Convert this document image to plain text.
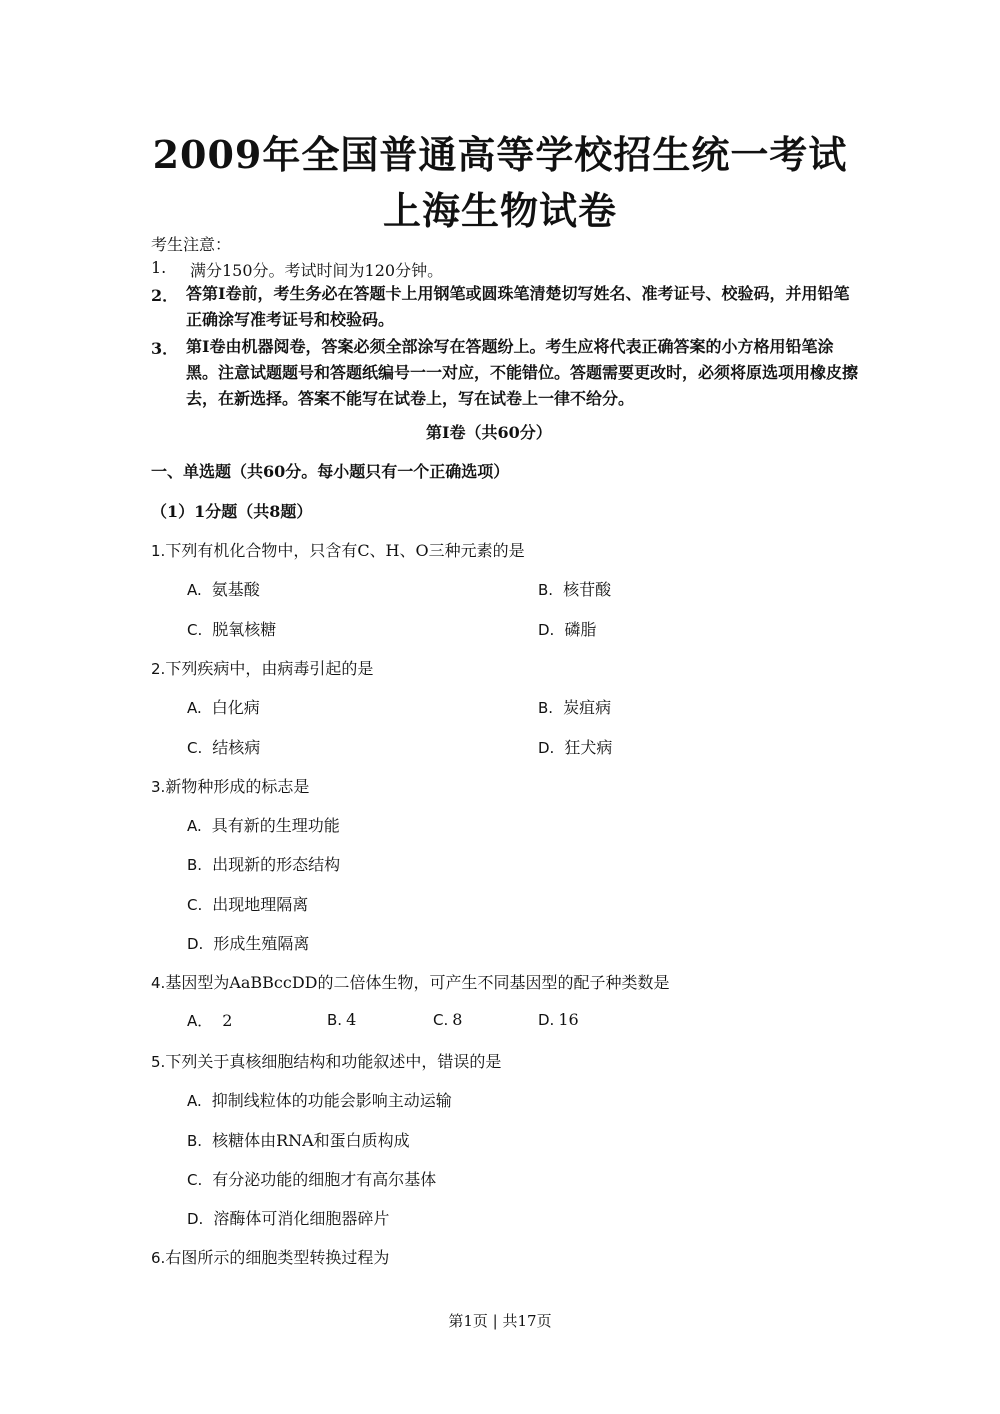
2009年全国普通高等学校招生统一考试
上海生物试卷
考生注意：
1. 满分150分。考试时间为120分钟。
2． 答第Ⅰ卷前，考生务必在答题卡上用钢笔或圆珠笔清楚切写姓名、准考证号、校验码，并用铅笔正确涂写准考证号和校验码。
3． 第Ⅰ卷由机器阅卷，答案必须全部涂写在答题纷上。考生应将代表正确答案的小方格用铅笔涂黑。注意试题题号和答题纸编号一一对应，不能错位。答题需要更改时，必须将原选项用橡皮擦去，在新选择。答案不能写在试卷上，写在试卷上一律不给分。
第Ⅰ卷（共60分）
一、单选题（共60分。每小题只有一个正确选项）
（1）1分题（共8题）
1.下列有机化合物中，只含有C、H、O三种元素的是
A. 氨基酸	B. 核苷酸
C. 脱氧核糖	D. 磷脂
2.下列疾病中，由病毒引起的是
A. 白化病	B. 炭疽病
C. 结核病	D. 狂犬病
3.新物种形成的标志是
A. 具有新的生理功能
B. 出现新的形态结构
C. 出现地理隔离
D. 形成生殖隔离
4.基因型为AaBBccDD的二倍体生物，可产生不同基因型的配子种类数是
A． 2	B. 4	C. 8	D. 16
5.下列关于真核细胞结构和功能叙述中，错误的是
A. 抑制线粒体的功能会影响主动运输
B. 核糖体由RNA和蛋白质构成
C. 有分泌功能的细胞才有高尔基体
D. 溶酶体可消化细胞器碎片
6.右图所示的细胞类型转换过程为
第1页 | 共17页
